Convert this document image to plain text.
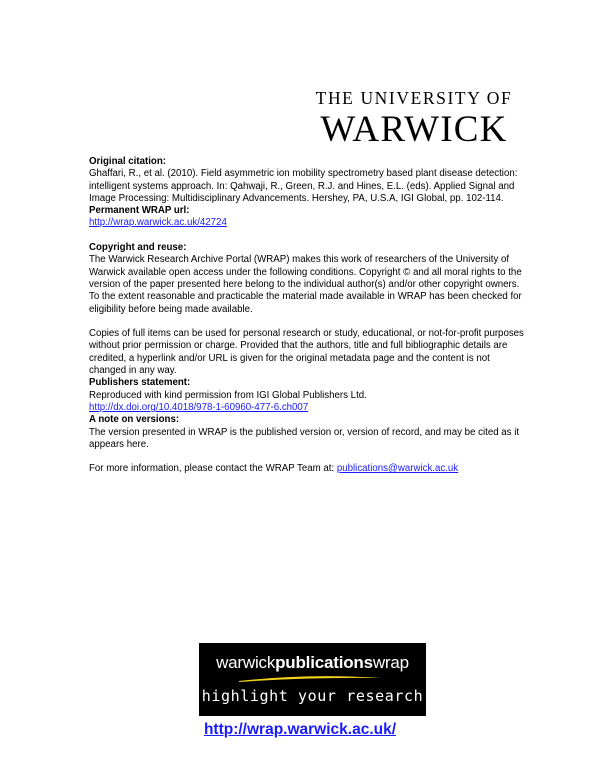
THE UNIVERSITY OF
WARWICK

Original citation:

Ghaffari, R., et al. (2010). Field asymmetric ion mobility spectrometry based plant disease detection: intelligent systems approach. In: Qahwaji, R., Green, R.J. and Hines, E.L. (eds). Applied Signal and Image Processing: Multidisciplinary Advancements. Hershey, PA, U.S.A, IGI Global, pp. 102-114.

Permanent WRAP url:

http://wrap.warwick.ac.uk/42724

Copyright and reuse:

The Warwick Research Archive Portal (WRAP) makes this work of researchers of the University of Warwick available open access under the following conditions. Copyright © and all moral rights to the version of the paper presented here belong to the individual author(s) and/or other copyright owners. To the extent reasonable and practicable the material made available in WRAP has been checked for eligibility before being made available.

Copies of full items can be used for personal research or study, educational, or not-for-profit purposes without prior permission or charge. Provided that the authors, title and full bibliographic details are credited, a hyperlink and/or URL is given for the original metadata page and the content is not changed in any way.

Publishers statement:

Reproduced with kind permission from IGI Global Publishers Ltd.

http://dx.doi.org/10.4018/978-1-60960-477-6.ch007

A note on versions:

The version presented in WRAP is the published version or, version of record, and may be cited as it appears here.

For more information, please contact the WRAP Team at: publications@warwick.ac.uk

warwickpublicationswrap
highlight your research
http://wrap.warwick.ac.uk/
